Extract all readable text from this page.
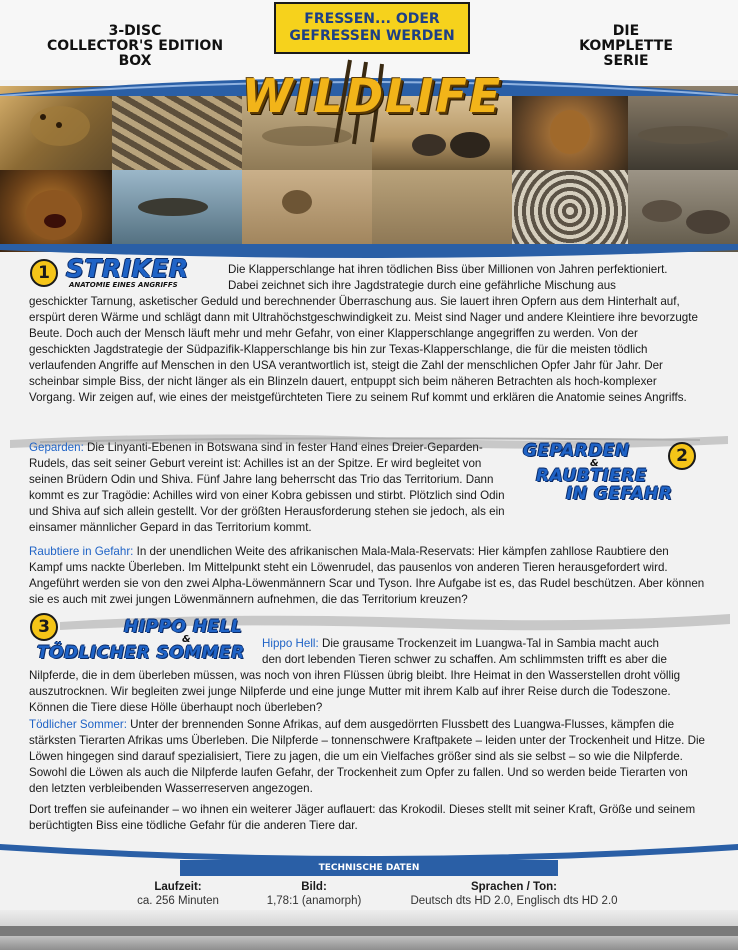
3-DISC
COLLECTOR'S EDITION
BOX
FRESSEN... ODER
GEFRESSEN WERDEN	DIE
KOMPLETTE
SERIE
WILDLIFE
1 STRIKER
ANATOMIE EINES ANGRIFFS

Die Klapperschlange hat ihren tödlichen Biss über Millionen von Jahren perfektioniert.

Dabei zeichnet sich ihre Jagdstrategie durch eine gefährliche Mischung aus

geschickter Tarnung, asketischer Geduld und berechnender Überraschung aus. Sie lauert ihren Opfern aus dem Hinterhalt auf, erspürt deren Wärme und schlägt dann mit Ultrahöchstgeschwindigkeit zu. Meist sind Nager und andere Kleintiere ihre bevorzugte Beute. Doch auch der Mensch läuft mehr und mehr Gefahr, von einer Klapperschlange angegriffen zu werden. Von der geschickten Jagdstrategie der Südpazifik-Klapperschlange bis hin zur Texas-Klapperschlange, die für die meisten tödlich verlaufenden Angriffe auf Menschen in den USA verantwortlich ist, steigt die Zahl der menschlichen Opfer Jahr für Jahr. Der scheinbar simple Biss, der nicht länger als ein Blinzeln dauert, entpuppt sich beim näheren Betrachten als hoch-komplexer Vorgang. Wir zeigen auf, wie eines der meistgefürchteten Tiere zu seinem Ruf kommt und erklären die Anatomie seines Angriffs.

Geparden: Die Linyanti-Ebenen in Botswana sind in fester Hand eines Dreier-Geparden-Rudels, das seit seiner Geburt vereint ist: Achilles ist an der Spitze. Er wird begleitet von seinen Brüdern Odin und Shiva. Fünf Jahre lang beherrscht das Trio das Territorium. Dann kommt es zur Tragödie: Achilles wird von einer Kobra gebissen und stirbt. Plötzlich sind Odin und Shiva auf sich allein gestellt. Vor der größten Herausforderung stehen sie jedoch, als ein einsamer männlicher Gepard in das Territorium kommt.

GEPARDEN	2
&
RAUBTIERE
IN GEFAHR

Raubtiere in Gefahr: In der unendlichen Weite des afrikanischen Mala-Mala-Reservats: Hier kämpfen zahllose Raubtiere den Kampf ums nackte Überleben. Im Mittelpunkt steht ein Löwenrudel, das pausenlos von anderen Tieren herausgefordert wird. Angeführt werden sie von den zwei Alpha-Löwenmännern Scar und Tyson. Ihre Aufgabe ist es, das Rudel beschützen. Aber können sie es auch mit zwei jungen Löwenmännern aufnehmen, die das Territorium kreuzen?

3	HIPPO HELL
&
TÖDLICHER SOMMER Hippo Hell: Die grausame Trockenzeit im Luangwa-Tal in Sambia macht auch

den dort lebenden Tieren schwer zu schaffen. Am schlimmsten trifft es aber die

Nilpferde, die in dem überleben müssen, was noch von ihren Flüssen übrig bleibt. Ihre Heimat in den Wasserstellen droht völlig auszutrocknen. Wir begleiten zwei junge Nilpferde und eine junge Mutter mit ihrem Kalb auf ihrer Reise durch die Todeszone. Können die Tiere diese Hölle überhaupt noch überleben?

Tödlicher Sommer: Unter der brennenden Sonne Afrikas, auf dem ausgedörrten Flussbett des Luangwa-Flusses, kämpfen die stärksten Tierarten Afrikas ums Überleben. Die Nilpferde – tonnenschwere Kraftpakete – leiden unter der Trockenheit und Hitze. Die Löwen hingegen sind darauf spezialisiert, Tiere zu jagen, die um ein Vielfaches größer sind als sie selbst – so wie die Nilpferde. Sowohl die Löwen als auch die Nilpferde laufen Gefahr, der Trockenheit zum Opfer zu fallen. Und so werden beide Tierarten von den letzten verbleibenden Wasserreserven angezogen.

Dort treffen sie aufeinander – wo ihnen ein weiterer Jäger auflauert: das Krokodil. Dieses stellt mit seiner Kraft, Größe und seinem berüchtigten Biss eine tödliche Gefahr für die anderen Tiere dar.

TECHNISCHE DATEN
Laufzeit:
ca. 256 Minuten
Bild:
1,78:1 (anamorph)
Sprachen / Ton:
Deutsch dts HD 2.0, Englisch dts HD 2.0
